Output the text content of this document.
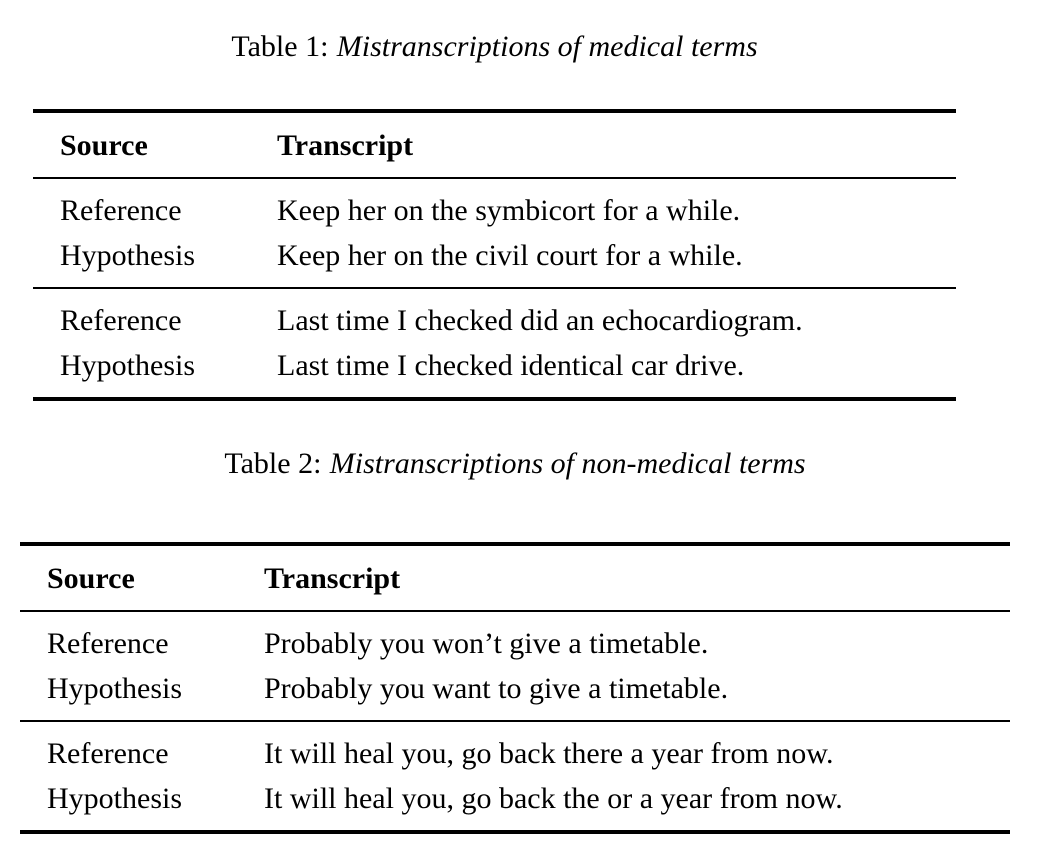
Table 1: Mistranscriptions of medical terms
Source	Transcript
Reference	Keep her on the symbicort for a while.
Hypothesis	Keep her on the civil court for a while.
Reference	Last time I checked did an echocardiogram.
Hypothesis	Last time I checked identical car drive.
Table 2: Mistranscriptions of non-medical terms
Source	Transcript
Reference	Probably you won’t give a timetable.
Hypothesis	Probably you want to give a timetable.
Reference	It will heal you, go back there a year from now.
Hypothesis	It will heal you, go back the or a year from now.
